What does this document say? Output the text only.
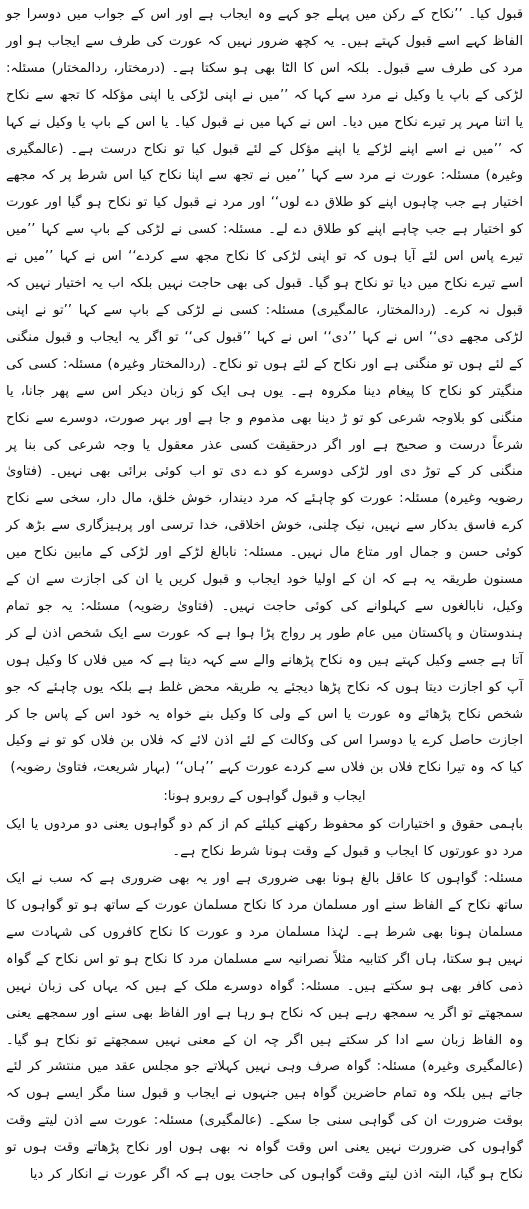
قبول کیا۔ ’’نکاح کے رکن میں پہلے جو کہے وہ ایجاب ہے اور اس کے جواب میں دوسرا جو الفاظ کہے اسے قبول کہتے ہیں۔ یہ کچھ ضرور نہیں کہ عورت کی طرف سے ایجاب ہو اور مرد کی طرف سے قبول۔ بلکہ اس کا الٹا بھی ہو سکتا ہے۔ (درمختار، ردالمختار) مسئلہ: لڑکی کے باپ یا وکیل نے مرد سے کہا کہ ’’میں نے اپنی لڑکی یا اپنی مؤکلہ کا تجھ سے نکاح یا اتنا مہر پر تیرے نکاح میں دیا۔ اس نے کہا میں نے قبول کیا۔ یا اس کے باپ یا وکیل نے کہا کہ ’’میں نے اسے اپنے لڑکے یا اپنے مؤکل کے لئے قبول کیا تو نکاح درست ہے۔ (عالمگیری وغیرہ) مسئلہ: عورت نے مرد سے کہا ’’میں نے تجھ سے اپنا نکاح کیا اس شرط پر کہ مجھے اختیار ہے جب چاہوں اپنے کو طلاق دے لوں‘‘ اور مرد نے قبول کیا تو نکاح ہو گیا اور عورت کو اختیار ہے جب چاہے اپنے کو طلاق دے لے۔ مسئلہ: کسی نے لڑکی کے باپ سے کہا ’’میں تیرے پاس اس لئے آیا ہوں کہ تو اپنی لڑکی کا نکاح مجھ سے کردے‘‘ اس نے کہا ’’میں نے اسے تیرے نکاح میں دیا تو نکاح ہو گیا۔ قبول کی بھی حاجت نہیں بلکہ اب یہ اختیار نہیں کہ قبول نہ کرے۔ (ردالمختار، عالمگیری) مسئلہ: کسی نے لڑکی کے باپ سے کہا ’’تو نے اپنی لڑکی مجھے دی‘‘ اس نے کہا ’’دی‘‘ اس نے کہا ’’قبول کی‘‘ تو اگر یہ ایجاب و قبول منگنی کے لئے ہوں تو منگنی ہے اور نکاح کے لئے ہوں تو نکاح۔ (ردالمختار وغیرہ) مسئلہ: کسی کی منگیتر کو نکاح کا پیغام دینا مکروہ ہے۔ یوں ہی ایک کو زبان دیکر اس سے پھر جانا، یا منگنی کو بلاوجہ شرعی کو تو ڑ دینا بھی مذموم و جا ہے اور بہر صورت، دوسرے سے نکاح شرعاً درست و صحیح ہے اور اگر درحقیقت کسی عذر معقول یا وجہ شرعی کی بنا پر منگنی کر کے توڑ دی اور لڑکی دوسرے کو دے دی تو اب کوئی برائی بھی نہیں۔ (فتاویٰ رضویہ وغیرہ) مسئلہ: عورت کو چاہئے کہ مرد دیندار، خوش خلق، مال دار، سخی سے نکاح کرے فاسق بدکار سے نہیں، نیک چلنی، خوش اخلاقی، خدا ترسی اور پرہیزگاری سے بڑھ کر کوئی حسن و جمال اور متاع مال نہیں۔ مسئلہ: نابالغ لڑکے اور لڑکی کے مابین نکاح میں مسنون طریقہ یہ ہے کہ ان کے اولیا خود ایجاب و قبول کریں یا ان کی اجازت سے ان کے وکیل، نابالغوں سے کہلوانے کی کوئی حاجت نہیں۔ (فتاویٰ رضویہ) مسئلہ: یہ جو تمام ہندوستان و پاکستان میں عام طور پر رواج پڑا ہوا ہے کہ عورت سے ایک شخص اذن لے کر آتا ہے جسے وکیل کہتے ہیں وہ نکاح پڑھانے والے سے کہہ دیتا ہے کہ میں فلاں کا وکیل ہوں آپ کو اجازت دیتا ہوں کہ نکاح پڑھا دیجئے یہ طریقہ محض غلط ہے بلکہ یوں چاہئے کہ جو شخص نکاح پڑھائے وہ عورت یا اس کے ولی کا وکیل بنے خواہ یہ خود اس کے پاس جا کر اجازت حاصل کرے یا دوسرا اس کی وکالت کے لئے اذن لائے کہ فلاں بن فلاں کو تو نے وکیل کیا کہ وہ تیرا نکاح فلاں بن فلاں سے کردے عورت کہے ’’ہاں‘‘ (بہار شریعت، فتاویٰ رضویہ)

ایجاب و قبول گواہوں کے روبرو ہونا:

باہمی حقوق و اختیارات کو محفوظ رکھنے کیلئے کم از کم دو گواہوں یعنی دو مردوں یا ایک مرد دو عورتوں کا ایجاب و قبول کے وقت ہونا شرط نکاح ہے۔

مسئلہ: گواہوں کا عاقل بالغ ہونا بھی ضروری ہے اور یہ بھی ضروری ہے کہ سب نے ایک ساتھ نکاح کے الفاظ سنے اور مسلمان مرد کا نکاح مسلمان عورت کے ساتھ ہو تو گواہوں کا مسلمان ہونا بھی شرط ہے۔ لہٰذا مسلمان مرد و عورت کا نکاح کافروں کی شہادت سے نہیں ہو سکتا، ہاں اگر کتابیہ مثلاً نصرانیہ سے مسلمان مرد کا نکاح ہو تو اس نکاح کے گواہ ذمی کافر بھی ہو سکتے ہیں۔ مسئلہ: گواہ دوسرے ملک کے ہیں کہ یہاں کی زبان نہیں سمجھتے تو اگر یہ سمجھ رہے ہیں کہ نکاح ہو رہا ہے اور الفاظ بھی سنے اور سمجھے یعنی وہ الفاظ زبان سے ادا کر سکتے ہیں اگر چہ ان کے معنی نہیں سمجھتے تو نکاح ہو گیا۔ (عالمگیری وغیرہ) مسئلہ: گواہ صرف وہی نہیں کہلاتے جو مجلس عقد میں منتشر کر لئے جاتے ہیں بلکہ وہ تمام حاضرین گواہ ہیں جنہوں نے ایجاب و قبول سنا مگر ایسے ہوں کہ بوقت ضرورت ان کی گواہی سنی جا سکے۔ (عالمگیری) مسئلہ: عورت سے اذن لیتے وقت گواہوں کی ضرورت نہیں یعنی اس وقت گواہ نہ بھی ہوں اور نکاح پڑھاتے وقت ہوں تو نکاح ہو گیا، البتہ اذن لیتے وقت گواہوں کی حاجت یوں ہے کہ اگر عورت نے انکار کر دیا
